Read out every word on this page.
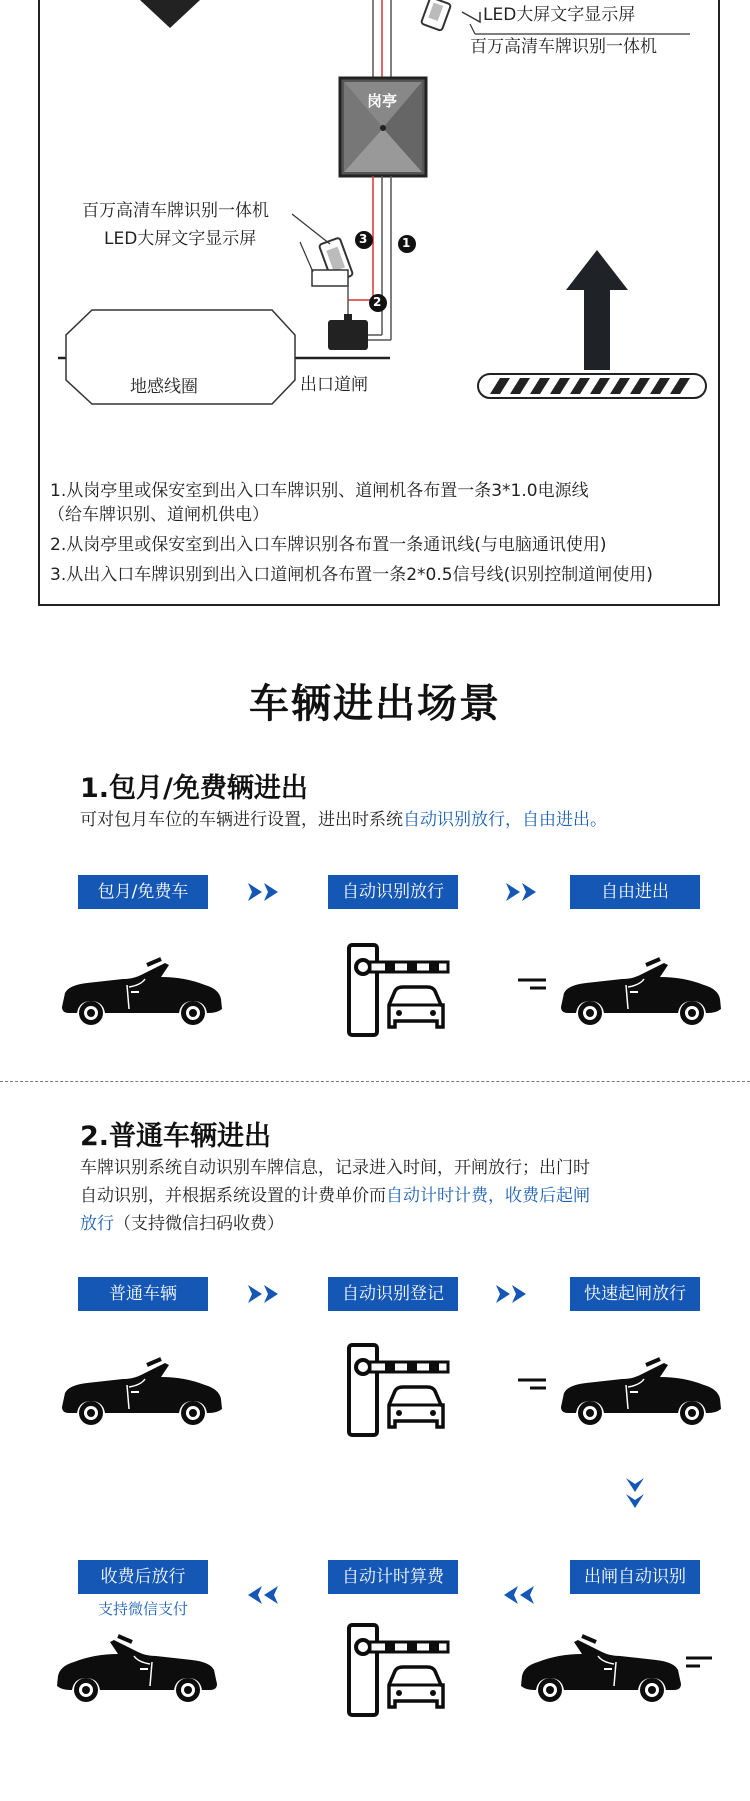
LED大屏文字显示屏
百万高清车牌识别一体机
岗亭
百万高清车牌识别一体机
LED大屏文字显示屏	3	1
2
地感线圈	出口道闸
1.从岗亭里或保安室到出入口车牌识别、道闸机各布置一条3*1.0电源线
（给车牌识别、道闸机供电）
2.从岗亭里或保安室到出入口车牌识别各布置一条通讯线(与电脑通讯使用)
3.从出入口车牌识别到出入口道闸机各布置一条2*0.5信号线(识别控制道闸使用)
车辆进出场景
1.包月/免费辆进出
可对包月车位的车辆进行设置，进出时系统自动识别放行，自由进出。
包月/免费车	自动识别放行	自由进出
2.普通车辆进出
车牌识别系统自动识别车牌信息，记录进入时间，开闸放行；出门时
自动识别，并根据系统设置的计费单价而自动计时计费，收费后起闸
放行（支持微信扫码收费）
普通车辆	自动识别登记	快速起闸放行
收费后放行
支持微信支付
自动计时算费	出闸自动识别
